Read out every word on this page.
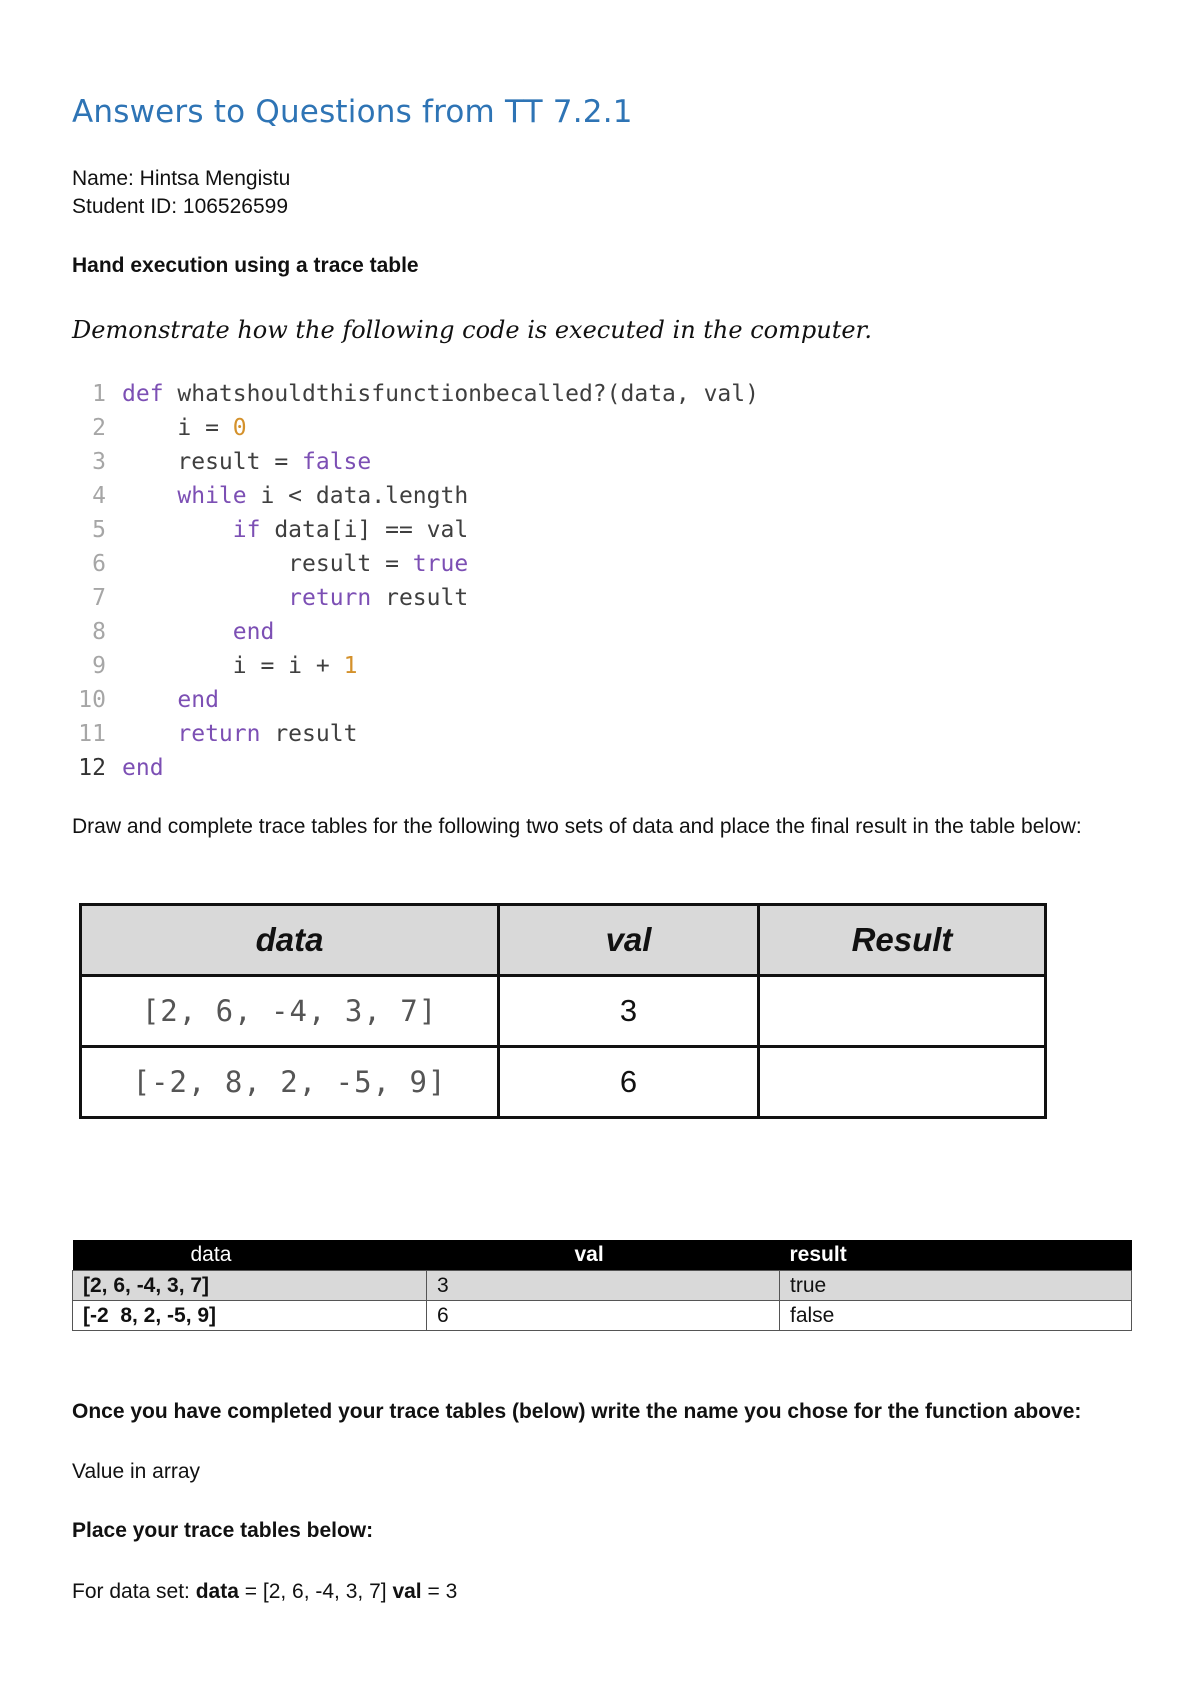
Answers to Questions from TT 7.2.1
Name: Hintsa Mengistu
Student ID: 106526599
Hand execution using a trace table
Demonstrate how the following code is executed in the computer.
1 def whatshouldthisfunctionbecalled?(data, val)
2	i = 0
3	result = false
4	while i < data.length
5	if data[i] == val
6	result = true
7	return result
8	end
9	i = i + 1
10	end
11	return result
12 end
Draw and complete trace tables for the following two sets of data and place the final result in the table below:
data	val	Result
[2, 6, -4, 3, 7]	3	
[-2, 8, 2, -5, 9]	6	
data	val	result
[2, 6, -4, 3, 7]	3	true
[-2  8, 2, -5, 9]	6	false
Once you have completed your trace tables (below) write the name you chose for the function above:
Value in array
Place your trace tables below:
For data set: data = [2, 6, -4, 3, 7] val = 3
